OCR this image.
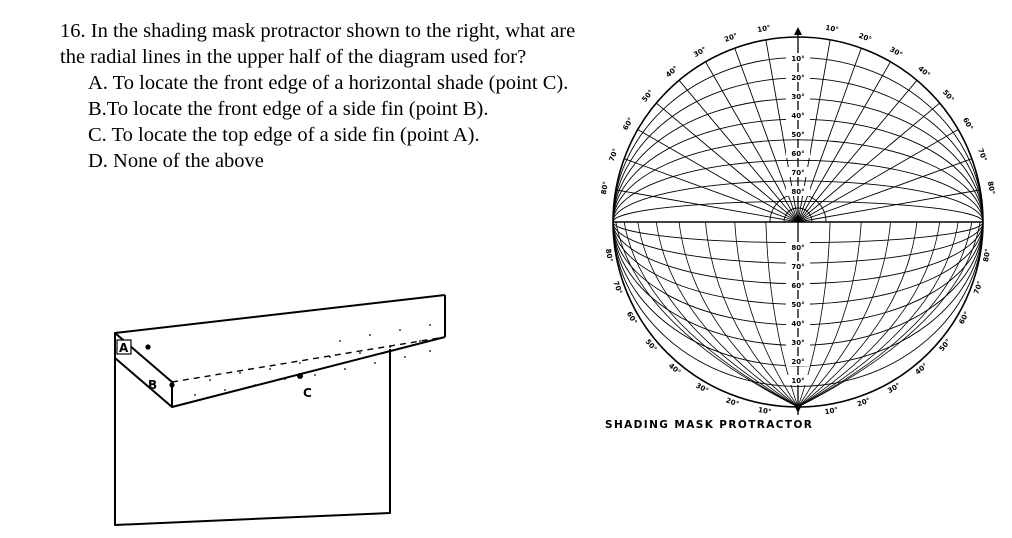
16. In the shading mask protractor shown to the right, what are the radial lines in the upper half of the diagram used for?

A. To locate the front edge of a horizontal shade (point C).

B.To locate the front edge of a side fin (point B).

C. To locate the top edge of a side fin (point A).

D. None of the above

A
B
C
10°
20°
30°
40°
50°
60°
70°
80°
80°
70°
60°
50°
40°
30°
20°
10°
10°
20°
30°
40°
50°
60°
70°
80°
10°
20°
30°
40°
50°
60°
70°
80°
10°
20°
30°
40°
50°
60°
70°
80°
10°
20°
30°
40°
50°
60°
70°
80°
SHADING MASK PROTRACTOR
